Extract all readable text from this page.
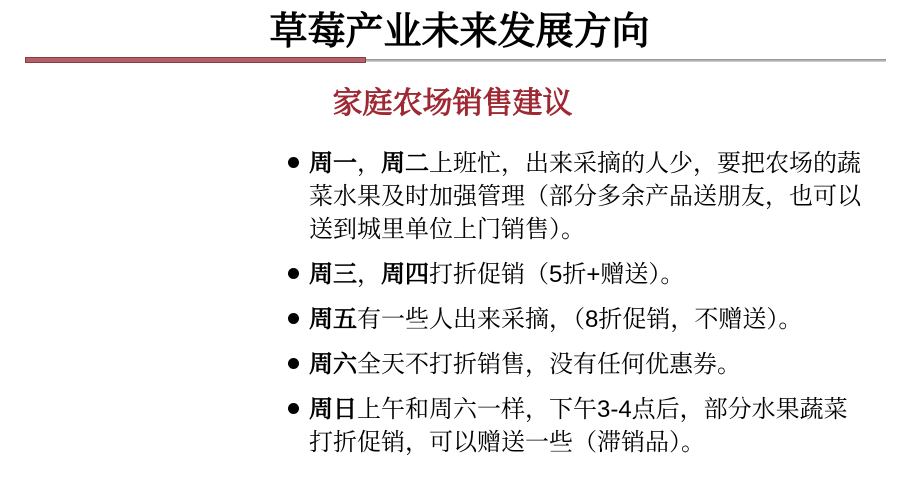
草莓产业未来发展方向
家庭农场销售建议
周一，周二上班忙，出来采摘的人少，要把农场的蔬菜水果及时加强管理（部分多余产品送朋友，也可以送到城里单位上门销售）。
周三，周四打折促销（5折+赠送）。
周五有一些人出来采摘，（8折促销，不赠送）。
周六全天不打折销售，没有任何优惠券。
周日上午和周六一样，下午3-4点后，部分水果蔬菜打折促销，可以赠送一些（滞销品）。
